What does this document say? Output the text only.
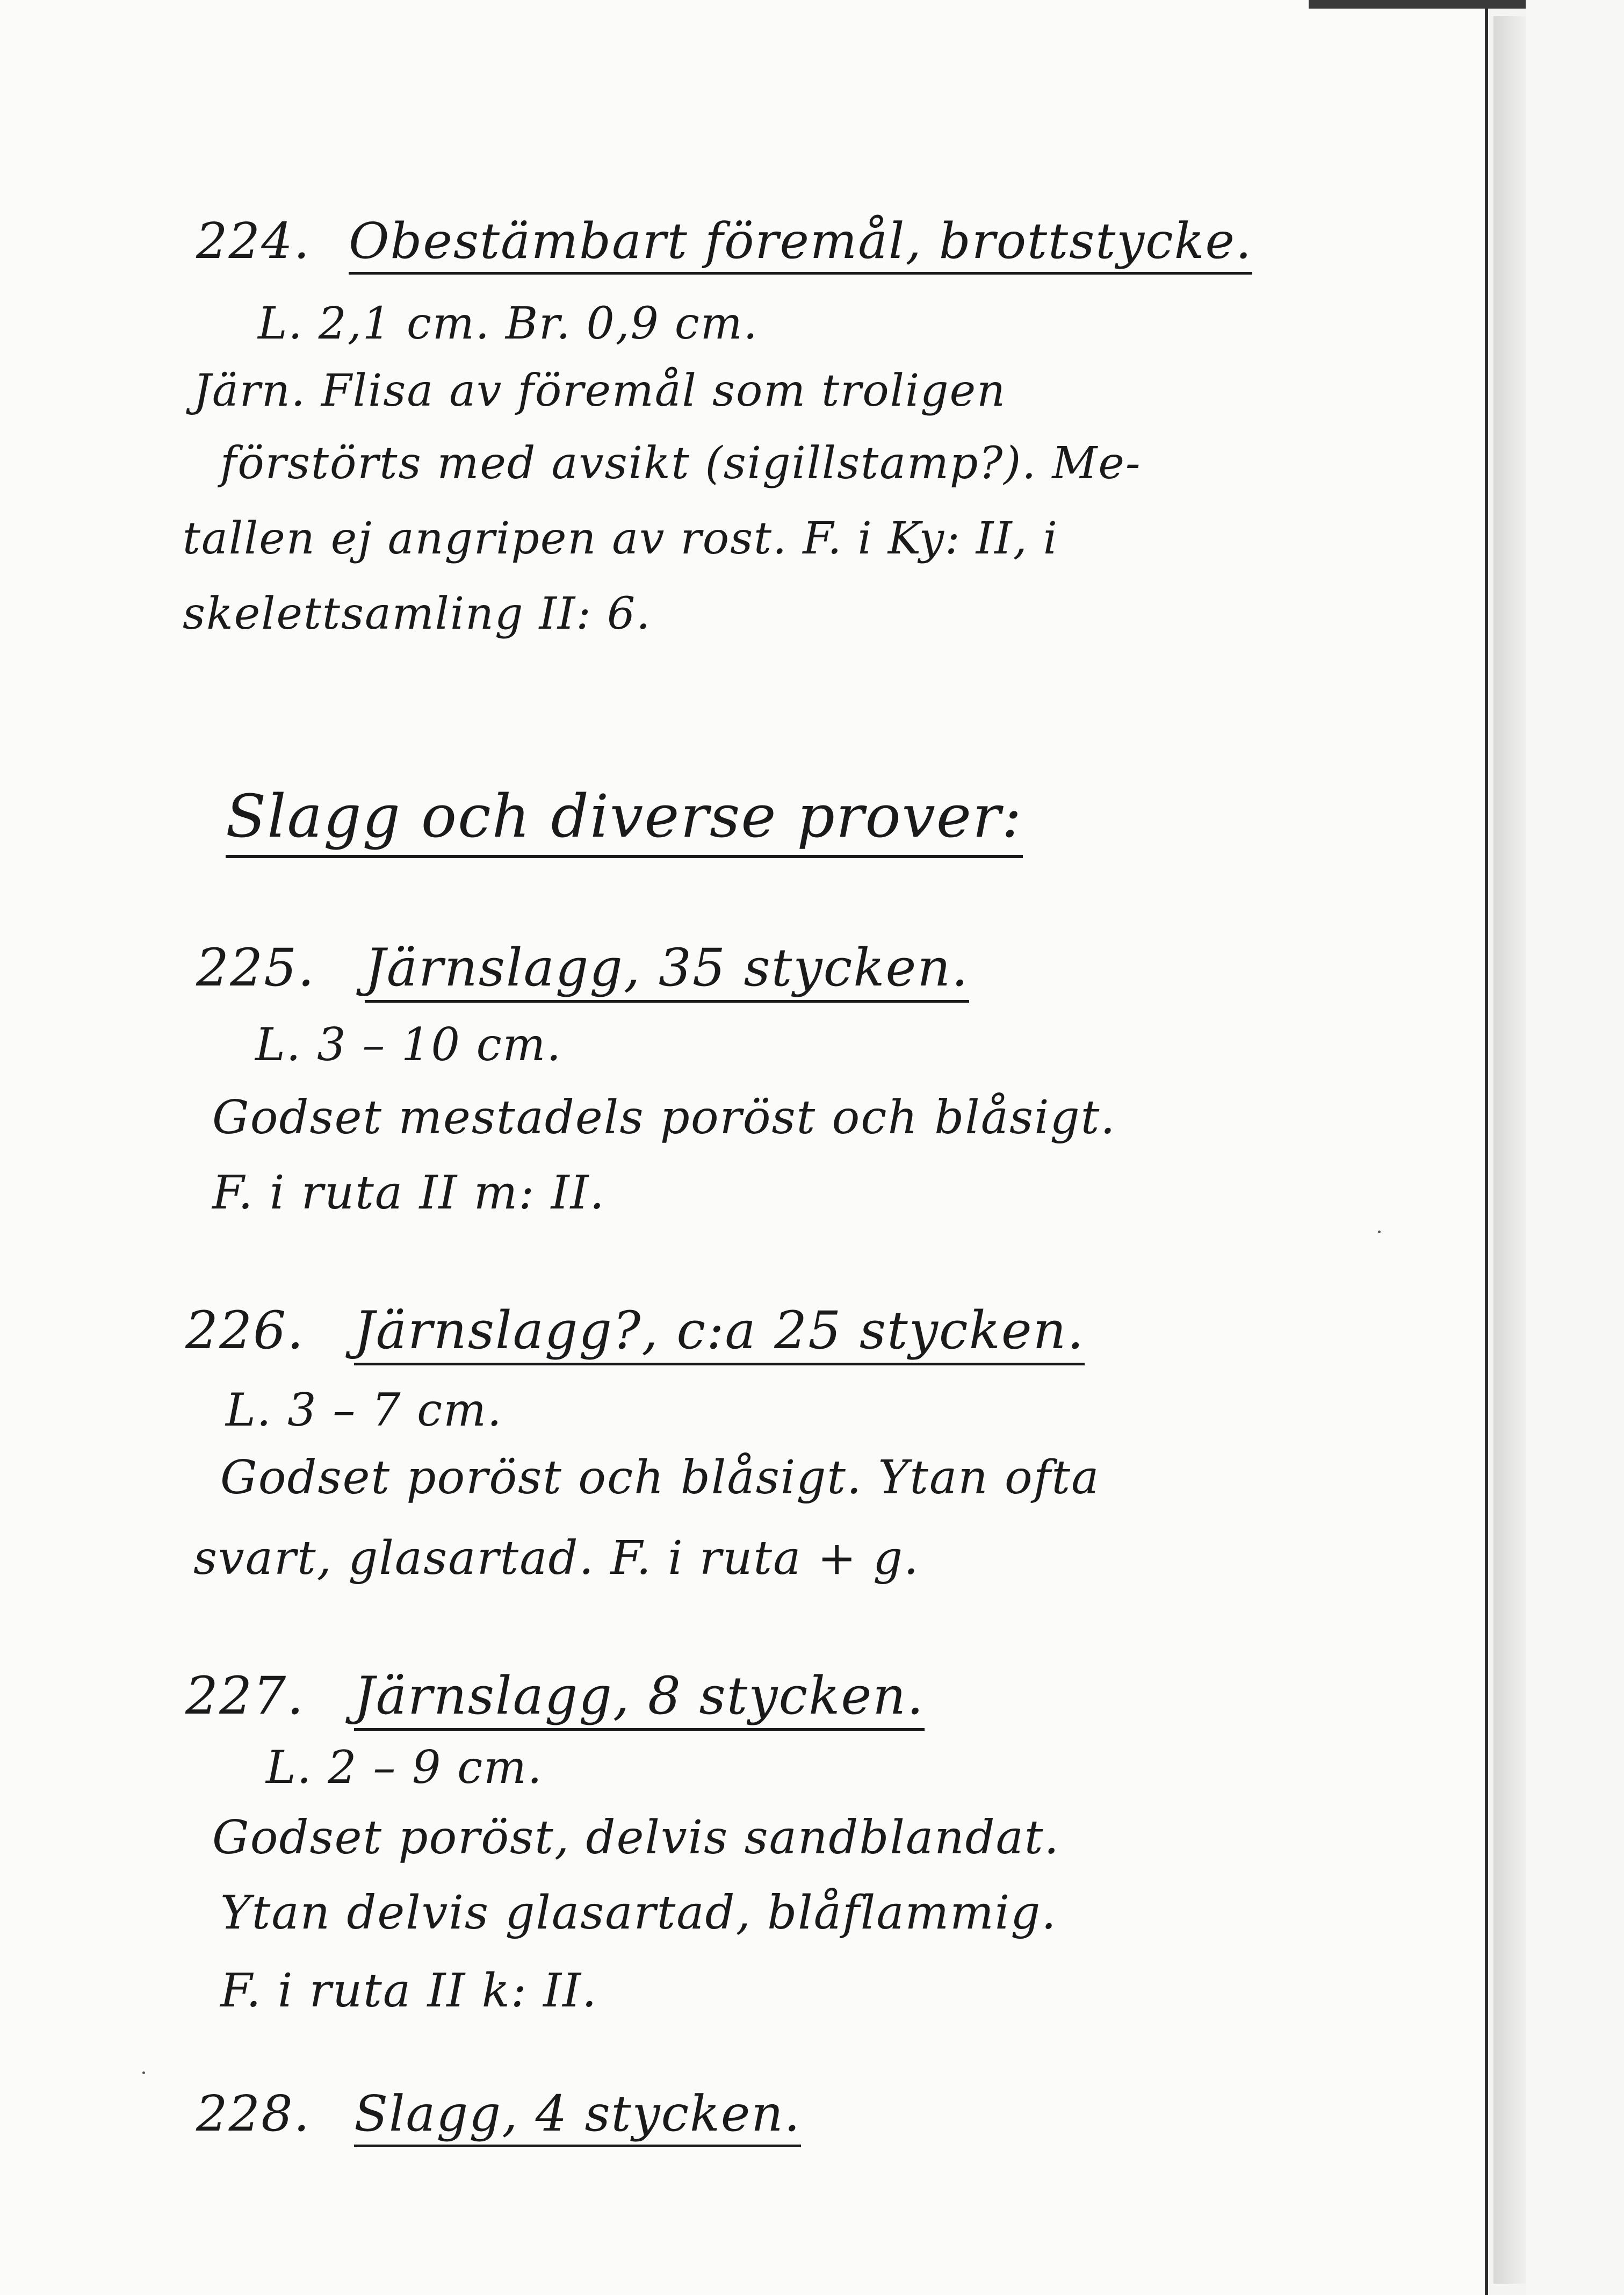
224. Obestämbart föremål, brottstycke.
L. 2,1 cm. Br. 0,9 cm.
Järn. Flisa av föremål som troligen
förstörts med avsikt (sigillstamp?). Me-
tallen ej angripen av rost. F. i Ky: II, i
skelettsamling II: 6.
Slagg och diverse prover:
225. Järnslagg, 35 stycken.
L. 3 – 10 cm.
Godset mestadels poröst och blåsigt.
F. i ruta II m: II.
226. Järnslagg?, c:a 25 stycken.
L. 3 – 7 cm.
Godset poröst och blåsigt. Ytan ofta
svart, glasartad. F. i ruta + g.
227. Järnslagg, 8 stycken.
L. 2 – 9 cm.
Godset poröst, delvis sandblandat.
Ytan delvis glasartad, blåflammig.
F. i ruta II k: II.
228. Slagg, 4 stycken.
